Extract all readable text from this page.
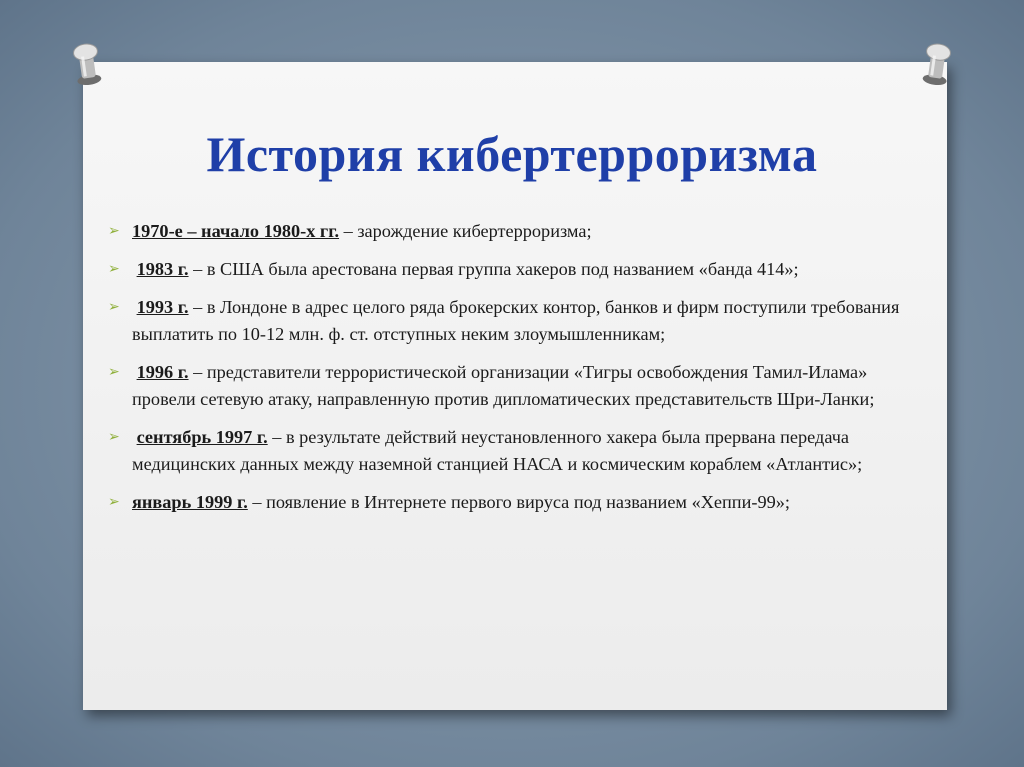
История кибертерроризма
➢ 1970-е – начало 1980-х гг. – зарождение кибертерроризма;
➢ 1983 г. – в США была арестована первая группа хакеров под названием «банда 414»;
➢ 1993 г. – в Лондоне в адрес целого ряда брокерских контор, банков и фирм поступили требования выплатить по 10-12 млн. ф. ст. отступных неким злоумышленникам;
➢ 1996 г. – представители террористической организации «Тигры освобождения Тамил-Илама» провели сетевую атаку, направленную против дипломатических представительств Шри-Ланки;
➢ сентябрь 1997 г. – в результате действий неустановленного хакера была прервана передача медицинских данных между наземной станцией НАСА и космическим кораблем «Атлантис»;
➢ январь 1999 г. – появление в Интернете первого вируса под названием «Хеппи-99»;
